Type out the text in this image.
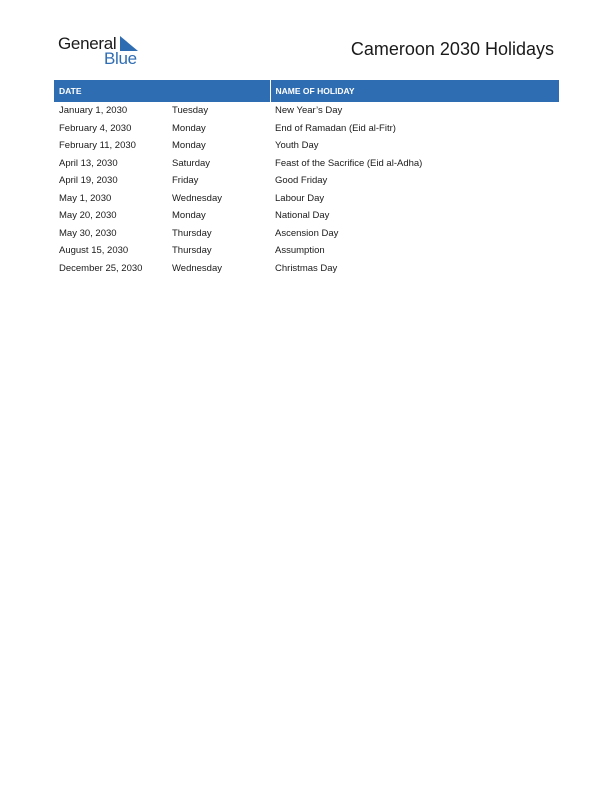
General
Blue	Cameroon 2030 Holidays
DATE		NAME OF HOLIDAY
January 1, 2030	Tuesday	New Year’s Day
February 4, 2030	Monday	End of Ramadan (Eid al-Fitr)
February 11, 2030	Monday	Youth Day
April 13, 2030	Saturday	Feast of the Sacrifice (Eid al-Adha)
April 19, 2030	Friday	Good Friday
May 1, 2030	Wednesday	Labour Day
May 20, 2030	Monday	National Day
May 30, 2030	Thursday	Ascension Day
August 15, 2030	Thursday	Assumption
December 25, 2030	Wednesday	Christmas Day
